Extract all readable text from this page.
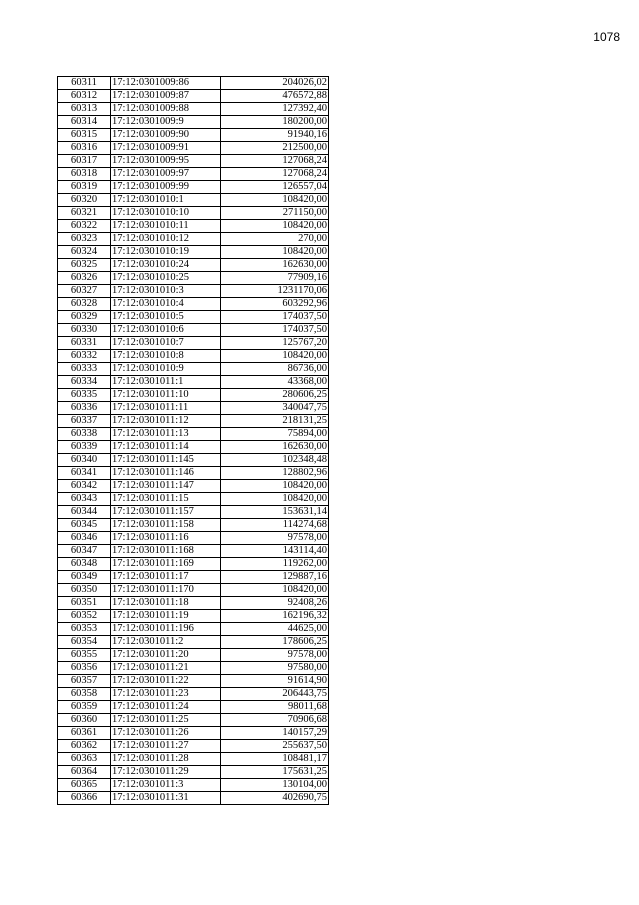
1078
60311	17:12:0301009:86	204026,02
60312	17:12:0301009:87	476572,88
60313	17:12:0301009:88	127392,40
60314	17:12:0301009:9	180200,00
60315	17:12:0301009:90	91940,16
60316	17:12:0301009:91	212500,00
60317	17:12:0301009:95	127068,24
60318	17:12:0301009:97	127068,24
60319	17:12:0301009:99	126557,04
60320	17:12:0301010:1	108420,00
60321	17:12:0301010:10	271150,00
60322	17:12:0301010:11	108420,00
60323	17:12:0301010:12	270,00
60324	17:12:0301010:19	108420,00
60325	17:12:0301010:24	162630,00
60326	17:12:0301010:25	77909,16
60327	17:12:0301010:3	1231170,06
60328	17:12:0301010:4	603292,96
60329	17:12:0301010:5	174037,50
60330	17:12:0301010:6	174037,50
60331	17:12:0301010:7	125767,20
60332	17:12:0301010:8	108420,00
60333	17:12:0301010:9	86736,00
60334	17:12:0301011:1	43368,00
60335	17:12:0301011:10	280606,25
60336	17:12:0301011:11	340047,75
60337	17:12:0301011:12	218131,25
60338	17:12:0301011:13	75894,00
60339	17:12:0301011:14	162630,00
60340	17:12:0301011:145	102348,48
60341	17:12:0301011:146	128802,96
60342	17:12:0301011:147	108420,00
60343	17:12:0301011:15	108420,00
60344	17:12:0301011:157	153631,14
60345	17:12:0301011:158	114274,68
60346	17:12:0301011:16	97578,00
60347	17:12:0301011:168	143114,40
60348	17:12:0301011:169	119262,00
60349	17:12:0301011:17	129887,16
60350	17:12:0301011:170	108420,00
60351	17:12:0301011:18	92408,26
60352	17:12:0301011:19	162196,32
60353	17:12:0301011:196	44625,00
60354	17:12:0301011:2	178606,25
60355	17:12:0301011:20	97578,00
60356	17:12:0301011:21	97580,00
60357	17:12:0301011:22	91614,90
60358	17:12:0301011:23	206443,75
60359	17:12:0301011:24	98011,68
60360	17:12:0301011:25	70906,68
60361	17:12:0301011:26	140157,29
60362	17:12:0301011:27	255637,50
60363	17:12:0301011:28	108481,17
60364	17:12:0301011:29	175631,25
60365	17:12:0301011:3	130104,00
60366	17:12:0301011:31	402690,75
